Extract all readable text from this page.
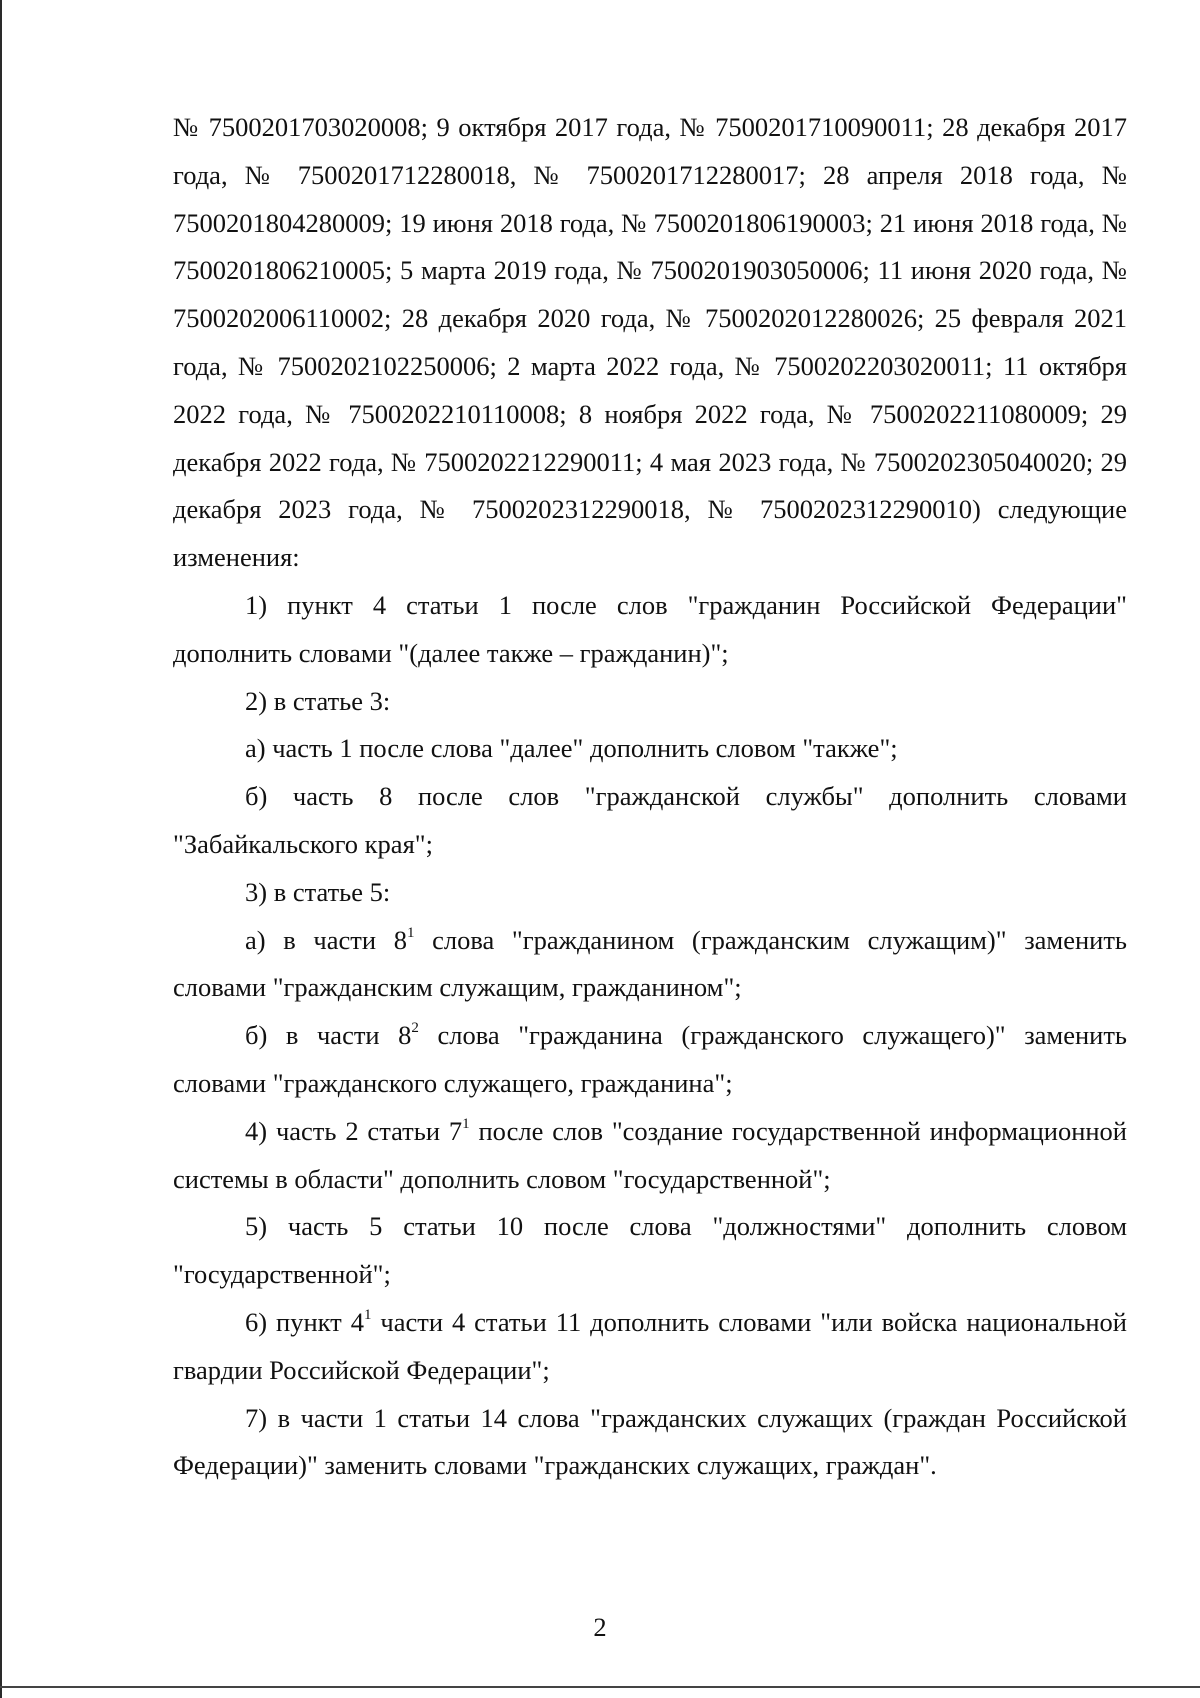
№ 7500201703020008; 9 октября 2017 года, № 7500201710090011; 28 декабря 2017 года, № 7500201712280018, № 7500201712280017; 28 апреля 2018 года, № 7500201804280009; 19 июня 2018 года, № 7500201806190003; 21 июня 2018 года, № 7500201806210005; 5 марта 2019 года, № 7500201903050006; 11 июня 2020 года, № 7500202006110002; 28 декабря 2020 года, № 7500202012280026; 25 февраля 2021 года, № 7500202102250006; 2 марта 2022 года, № 7500202203020011; 11 октября 2022 года, № 7500202210110008; 8 ноября 2022 года, № 7500202211080009; 29 декабря 2022 года, № 7500202212290011; 4 мая 2023 года, № 7500202305040020; 29 декабря 2023 года, № 7500202312290018, № 7500202312290010) следующие изменения:

1) пункт 4 статьи 1 после слов "гражданин Российской Федерации" дополнить словами "(далее также – гражданин)";

2) в статье 3:

а) часть 1 после слова "далее" дополнить словом "также";

б) часть 8 после слов "гражданской службы" дополнить словами "Забайкальского края";

3) в статье 5:

а) в части $8^1$ слова "гражданином (гражданским служащим)" заменить словами "гражданским служащим, гражданином";

б) в части $8^2$ слова "гражданина (гражданского служащего)" заменить словами "гражданского служащего, гражданина";

4) часть 2 статьи $7^1$ после слов "создание государственной информационной системы в области" дополнить словом "государственной";

5) часть 5 статьи 10 после слова "должностями" дополнить словом "государственной";

6) пункт $4^1$ части 4 статьи 11 дополнить словами "или войска национальной гвардии Российской Федерации";

7) в части 1 статьи 14 слова "гражданских служащих (граждан Российской Федерации)" заменить словами "гражданских служащих, граждан".

2
